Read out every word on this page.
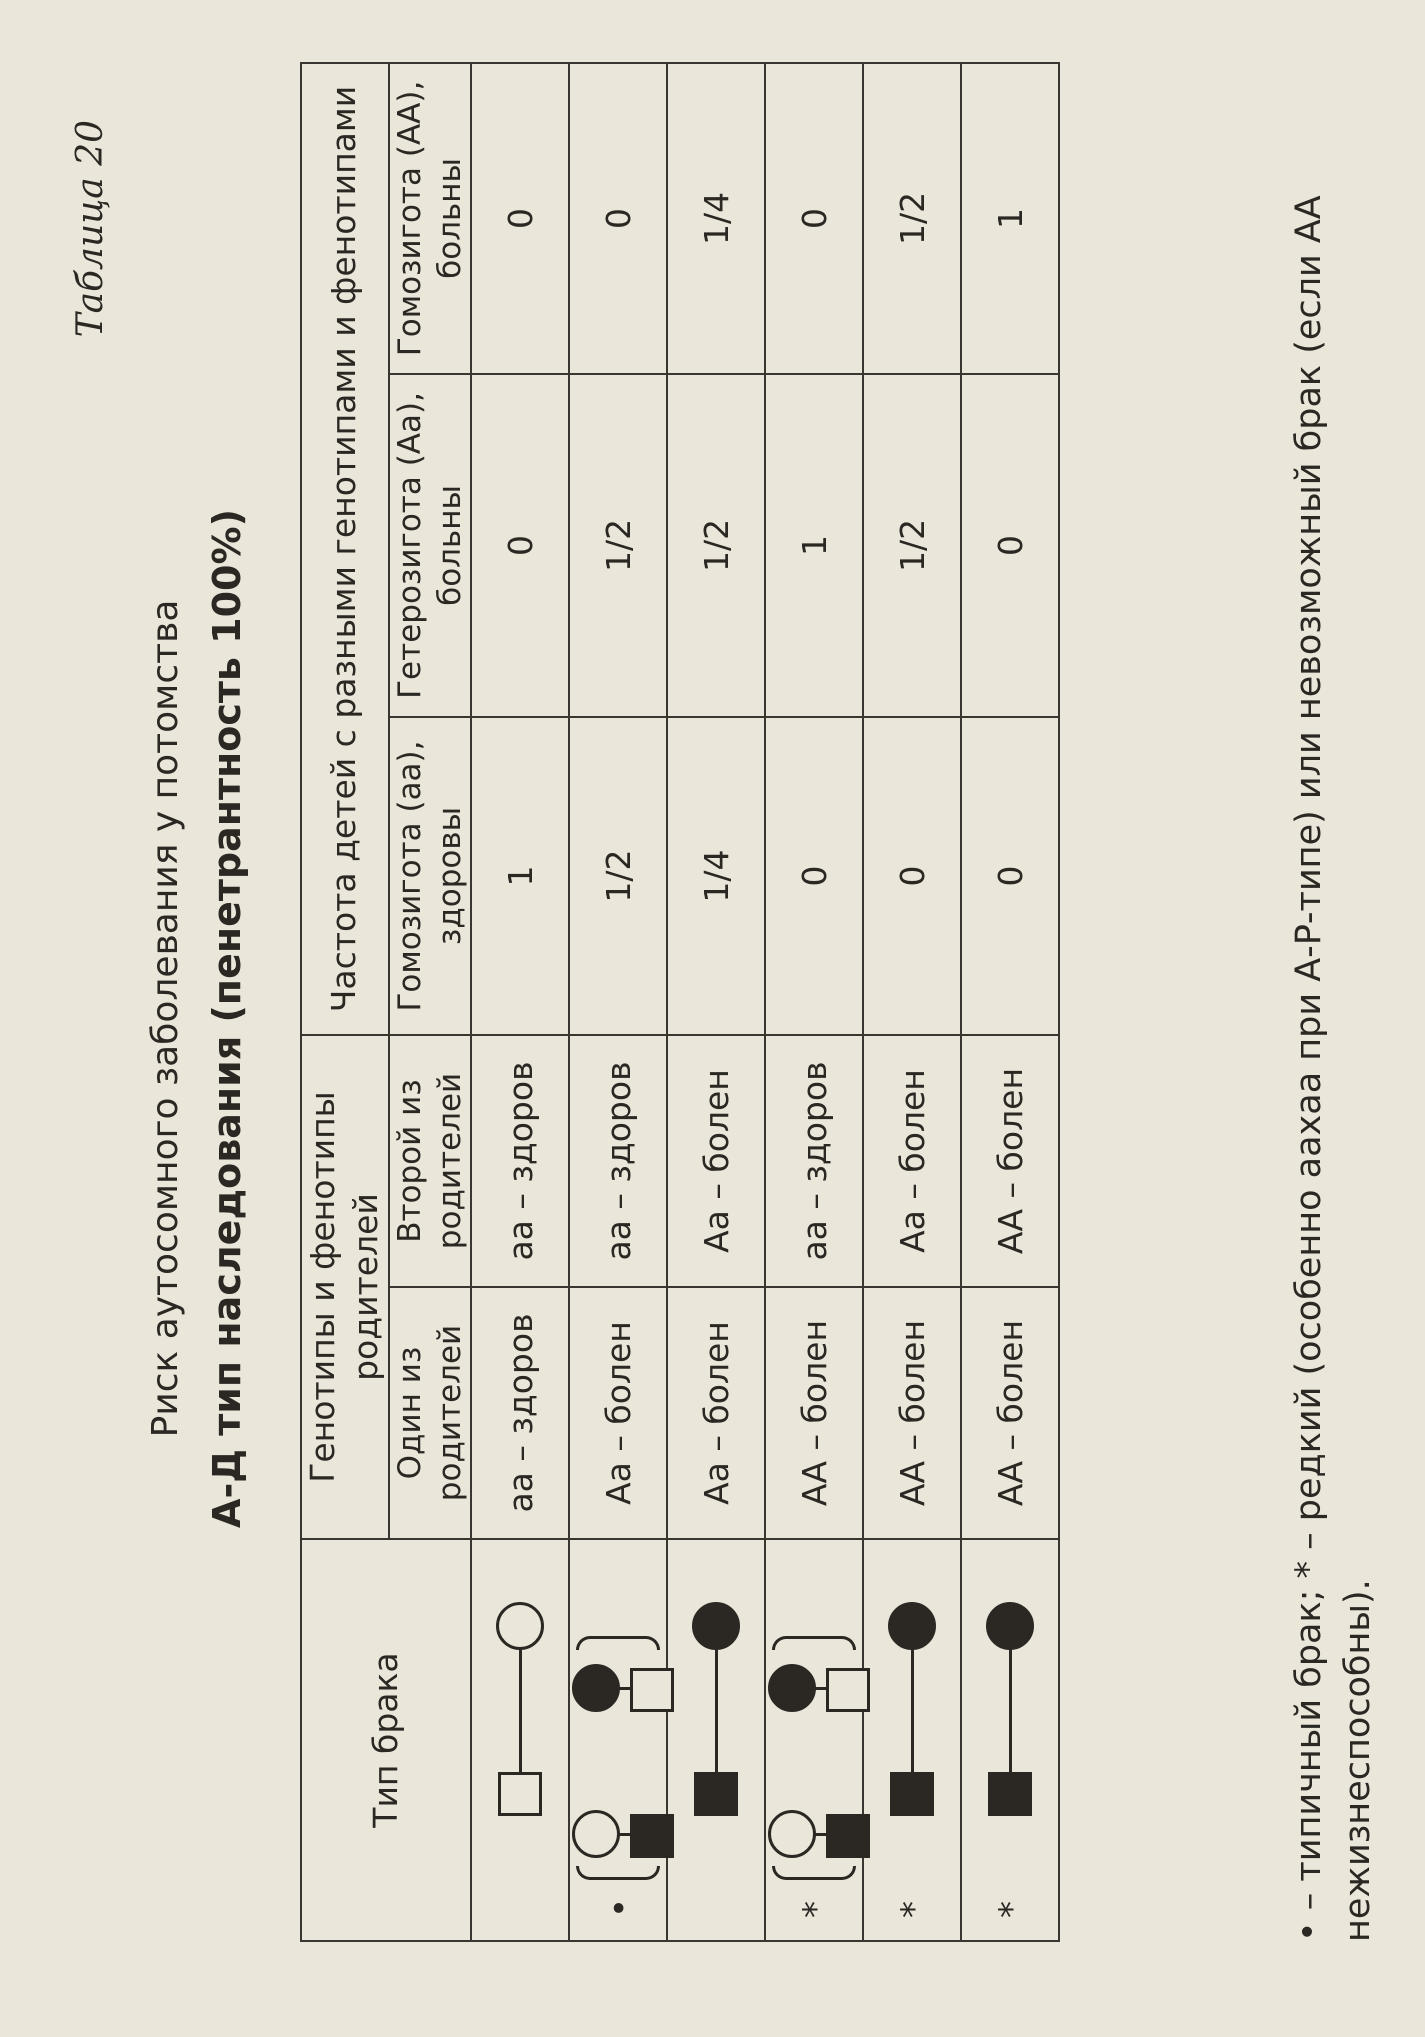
Таблица 20
Риск аутосомного заболевания у потомства А-Д тип наследования (пенетрантность 100%)
Тип брака	Генотипы и фенотипы родителей		Частота детей с разными генотипами и фенотипами		
	Один из родителей	Второй из родителей	Гомозигота (аа), здоровы	Гетерозигота (Аа), больны	Гомозигота (АА), больны

	аа – здоров	аа – здоров	1	0	0

•	Аа – болен	аа – здоров	1/2	1/2	0

	Аа – болен	Аа – болен	1/4	1/2	1/4

*	АА – болен	аа – здоров	0	1	0

*	АА – болен	Аа – болен	0	1/2	1/2

*	АА – болен	АА – болен	0	0	1	• – типичный брак; * – редкий (особенно аахаа при А-Р-типе) или невозможный брак (если АА нежизнеспособны).
